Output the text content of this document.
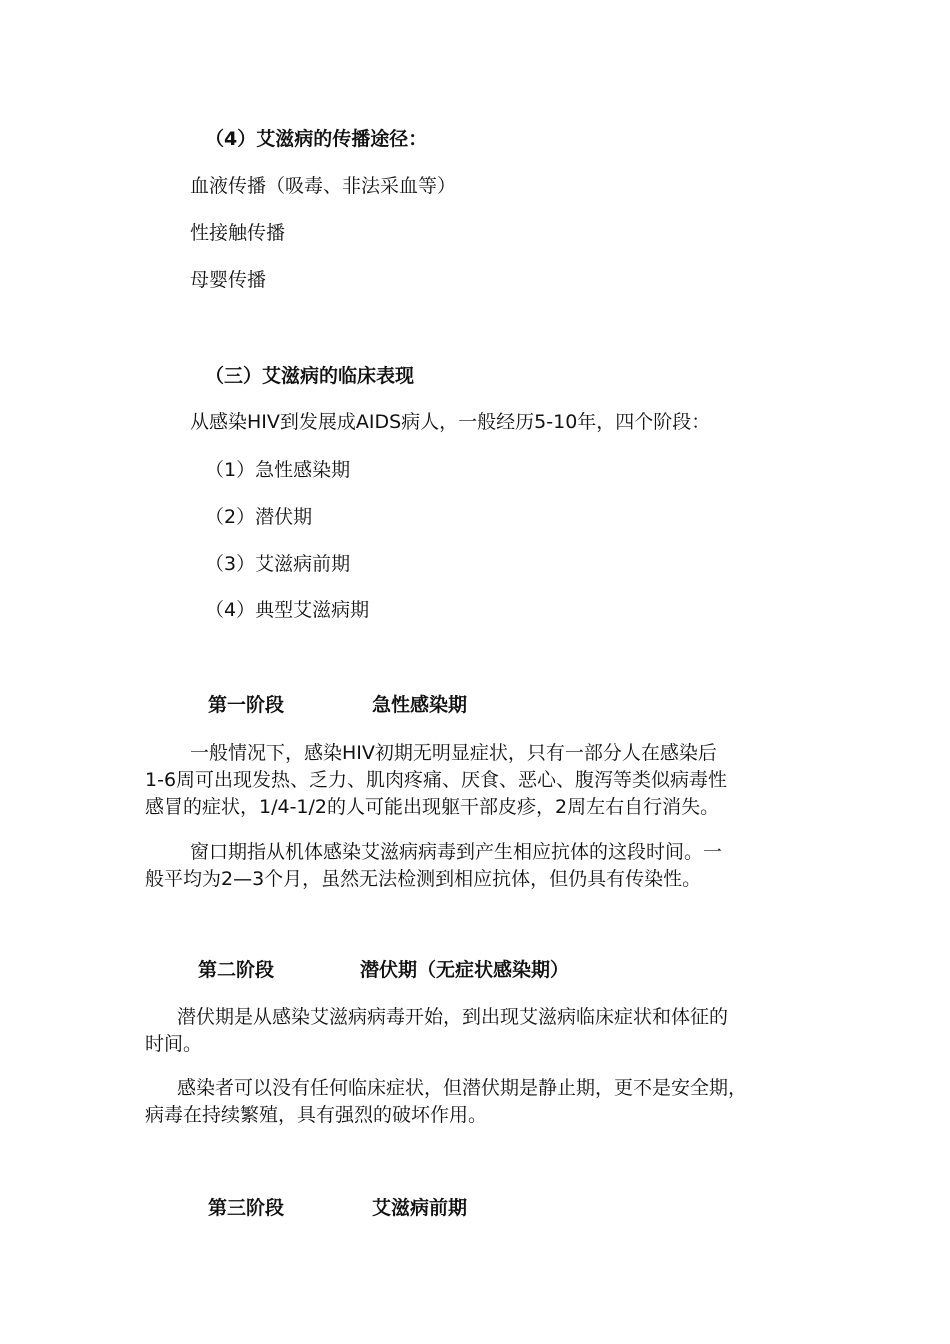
（4）艾滋病的传播途径：
血液传播（吸毒、非法采血等）
性接触传播
母婴传播
（三）艾滋病的临床表现
从感染HIV到发展成AIDS病人，一般经历5-10年，四个阶段：
（1）急性感染期
（2）潜伏期
（3）艾滋病前期
（4）典型艾滋病期
第一阶段	急性感染期
一般情况下，感染HIV初期无明显症状，只有一部分人在感染后
1-6周可出现发热、乏力、肌肉疼痛、厌食、恶心、腹泻等类似病毒性
感冒的症状，1/4-1/2的人可能出现躯干部皮疹，2周左右自行消失。
窗口期指从机体感染艾滋病病毒到产生相应抗体的这段时间。一
般平均为2—3个月，虽然无法检测到相应抗体，但仍具有传染性。
第二阶段	潜伏期（无症状感染期）
潜伏期是从感染艾滋病病毒开始，到出现艾滋病临床症状和体征的
时间。
感染者可以没有任何临床症状，但潜伏期是静止期，更不是安全期，
病毒在持续繁殖，具有强烈的破坏作用。
第三阶段	艾滋病前期
